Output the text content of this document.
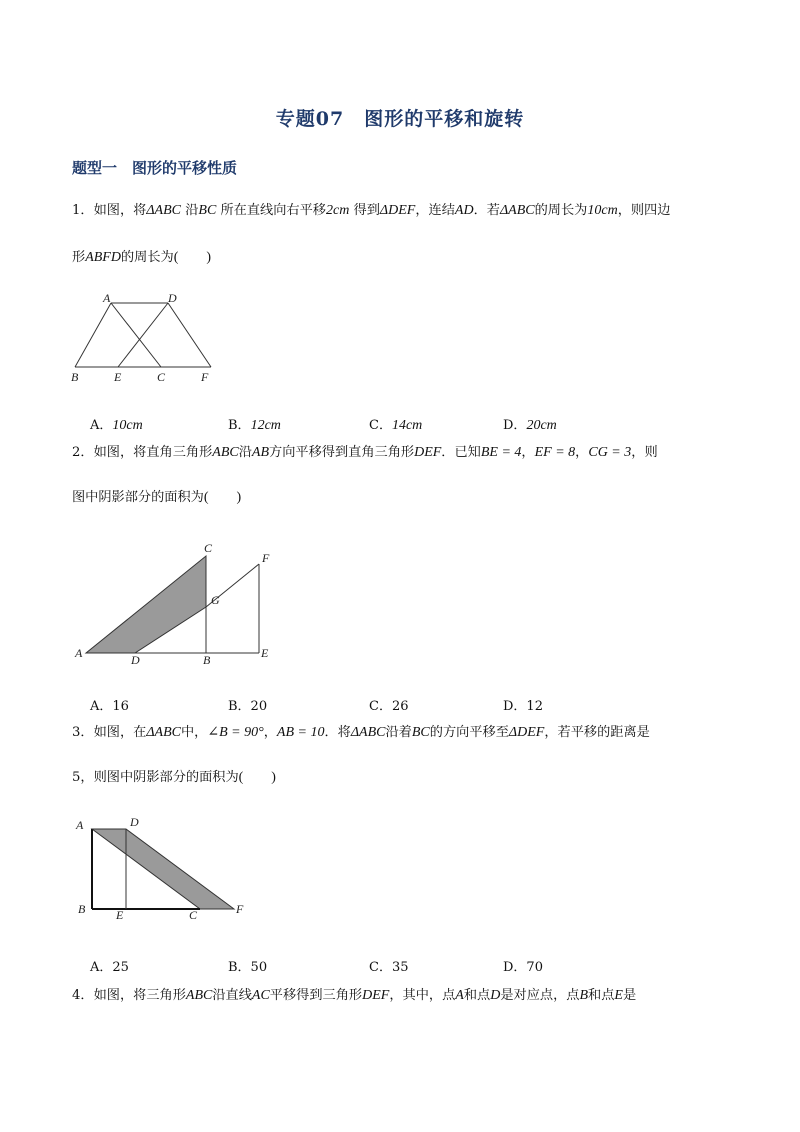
专题07　图形的平移和旋转
题型一　图形的平移性质
1．如图，将ΔABC 沿BC 所在直线向右平移2cm 得到ΔDEF，连结AD．若ΔABC的周长为10cm，则四边
形ABFD的周长为(　　)
A	D
B	E	C	F
A．10cm	B．12cm	C．14cm	D．20cm
2．如图，将直角三角形ABC沿AB方向平移得到直角三角形DEF．已知BE = 4，EF = 8，CG = 3，则
图中阴影部分的面积为(　　)
C
F
G
A	D	B	E
A．16	B．20	C．26	D．12
3．如图，在ΔABC中，∠B = 90°，AB = 10．将ΔABC沿着BC的方向平移至ΔDEF，若平移的距离是
5，则图中阴影部分的面积为(　　)
A	D
B	E	C	F
A．25	B．50	C．35	D．70
4．如图，将三角形ABC沿直线AC平移得到三角形DEF，其中，点A和点D是对应点，点B和点E是
